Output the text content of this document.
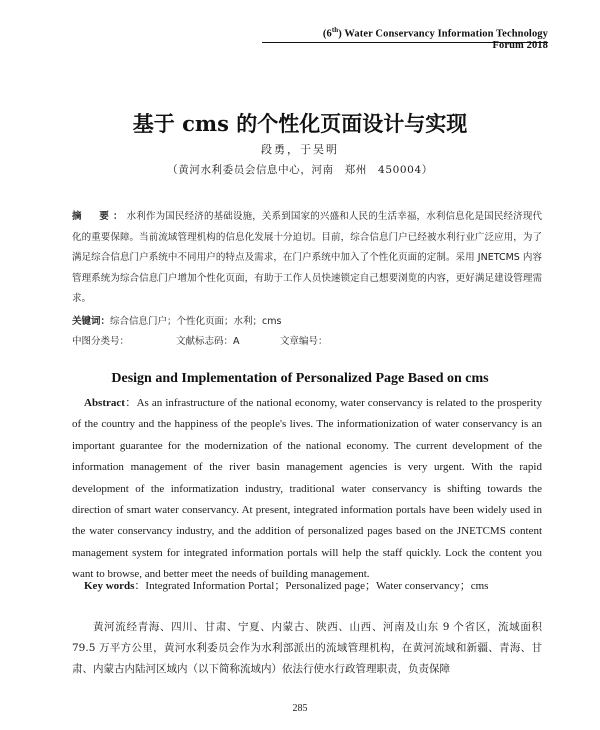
(6th) Water Conservancy Information Technology Forum 2018
基于 cms 的个性化页面设计与实现
段勇，于吴明
（黄河水利委员会信息中心，河南　郑州　450004）
摘　要：水利作为国民经济的基础设施，关系到国家的兴盛和人民的生活幸福，水利信息化是国民经济现代化的重要保障。当前流域管理机构的信息化发展十分迫切。目前，综合信息门户已经被水利行业广泛应用，为了满足综合信息门户系统中不同用户的特点及需求，在门户系统中加入了个性化页面的定制。采用 JNETCMS 内容管理系统为综合信息门户增加个性化页面，有助于工作人员快速锁定自己想要浏览的内容，更好满足建设管理需求。
关键词：综合信息门户；个性化页面；水利；cms
中图分类号：	文献标志码：A	文章编号：
Design and Implementation of Personalized Page Based on cms
Abstract：As an infrastructure of the national economy, water conservancy is related to the prosperity of the country and the happiness of the people's lives. The informationization of water conservancy is an important guarantee for the modernization of the national economy. The current development of the information management of the river basin management agencies is very urgent. With the rapid development of the informatization industry, traditional water conservancy is shifting towards the direction of smart water conservancy. At present, integrated information portals have been widely used in the water conservancy industry, and the addition of personalized pages based on the JNETCMS content management system for integrated information portals will help the staff quickly. Lock the content you want to browse, and better meet the needs of building management.
Key words：Integrated Information Portal；Personalized page；Water conservancy；cms
黄河流经青海、四川、甘肃、宁夏、内蒙古、陕西、山西、河南及山东 9 个省区，流域面积 79.5 万平方公里，黄河水利委员会作为水利部派出的流域管理机构，在黄河流域和新疆、青海、甘肃、内蒙古内陆河区域内（以下简称流域内）依法行使水行政管理职责，负责保障
285
